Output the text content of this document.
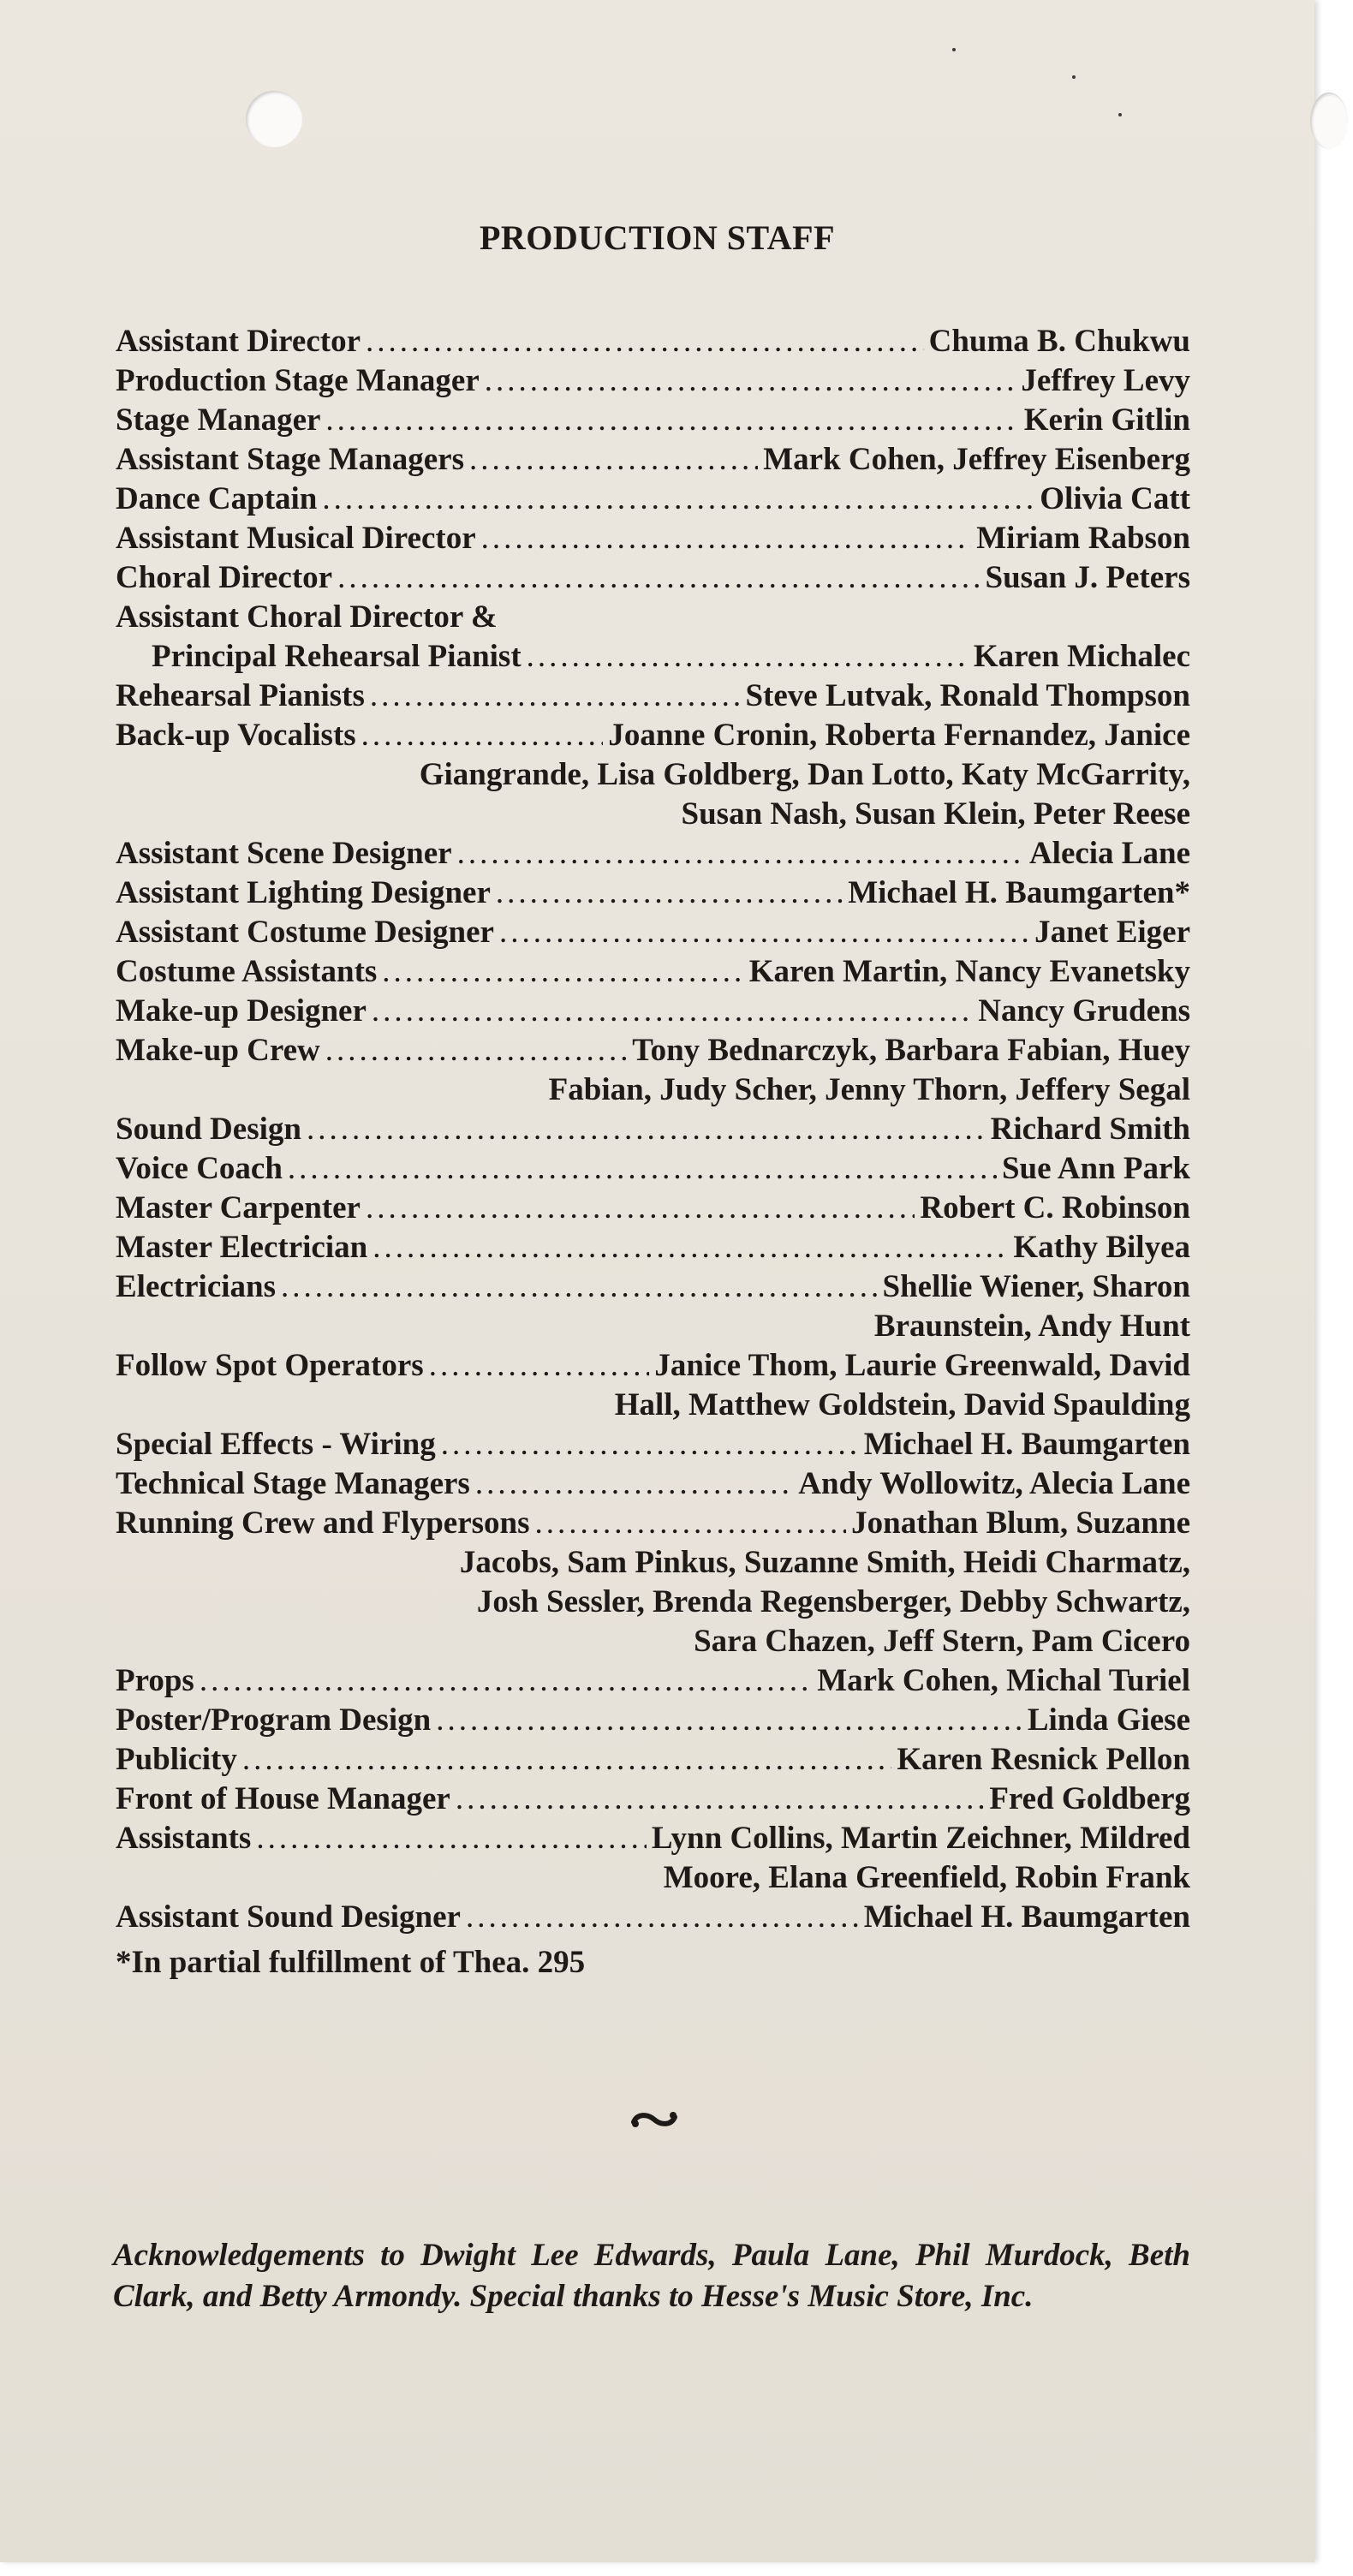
PRODUCTION STAFF
Assistant Director .....	Chuma B. Chukwu
Production Stage Manager .....	Jeffrey Levy
Stage Manager .....	Kerin Gitlin
Assistant Stage Managers .....	Mark Cohen, Jeffrey Eisenberg
Dance Captain .....	Olivia Catt
Assistant Musical Director .....	Miriam Rabson
Choral Director .....	Susan J. Peters
Assistant Choral Director &
Principal Rehearsal Pianist .....	Karen Michalec
Rehearsal Pianists .....	Steve Lutvak, Ronald Thompson
Back-up Vocalists .....	Joanne Cronin, Roberta Fernandez, Janice
Giangrande, Lisa Goldberg, Dan Lotto, Katy McGarrity,
Susan Nash, Susan Klein, Peter Reese
Assistant Scene Designer .....	Alecia Lane
Assistant Lighting Designer .....	Michael H. Baumgarten*
Assistant Costume Designer .....	Janet Eiger
Costume Assistants .....	Karen Martin, Nancy Evanetsky
Make-up Designer .....	Nancy Grudens
Make-up Crew .....	Tony Bednarczyk, Barbara Fabian, Huey
Fabian, Judy Scher, Jenny Thorn, Jeffery Segal
Sound Design .....	Richard Smith
Voice Coach .....	Sue Ann Park
Master Carpenter .....	Robert C. Robinson
Master Electrician .....	Kathy Bilyea
Electricians .....	Shellie Wiener, Sharon
Braunstein, Andy Hunt
Follow Spot Operators .....	Janice Thom, Laurie Greenwald, David
Hall, Matthew Goldstein, David Spaulding
Special Effects - Wiring .....	Michael H. Baumgarten
Technical Stage Managers .....	Andy Wollowitz, Alecia Lane
Running Crew and Flypersons .....	Jonathan Blum, Suzanne
Jacobs, Sam Pinkus, Suzanne Smith, Heidi Charmatz,
Josh Sessler, Brenda Regensberger, Debby Schwartz,
Sara Chazen, Jeff Stern, Pam Cicero
Props .....	Mark Cohen, Michal Turiel
Poster/Program Design .....	Linda Giese
Publicity .....	Karen Resnick Pellon
Front of House Manager .....	Fred Goldberg
Assistants .....	Lynn Collins, Martin Zeichner, Mildred
Moore, Elana Greenfield, Robin Frank
Assistant Sound Designer .....	Michael H. Baumgarten
*In partial fulfillment of Thea. 295
Acknowledgements to Dwight Lee Edwards, Paula Lane, Phil Murdock, Beth Clark, and Betty Armondy. Special thanks to Hesse's Music Store, Inc.
